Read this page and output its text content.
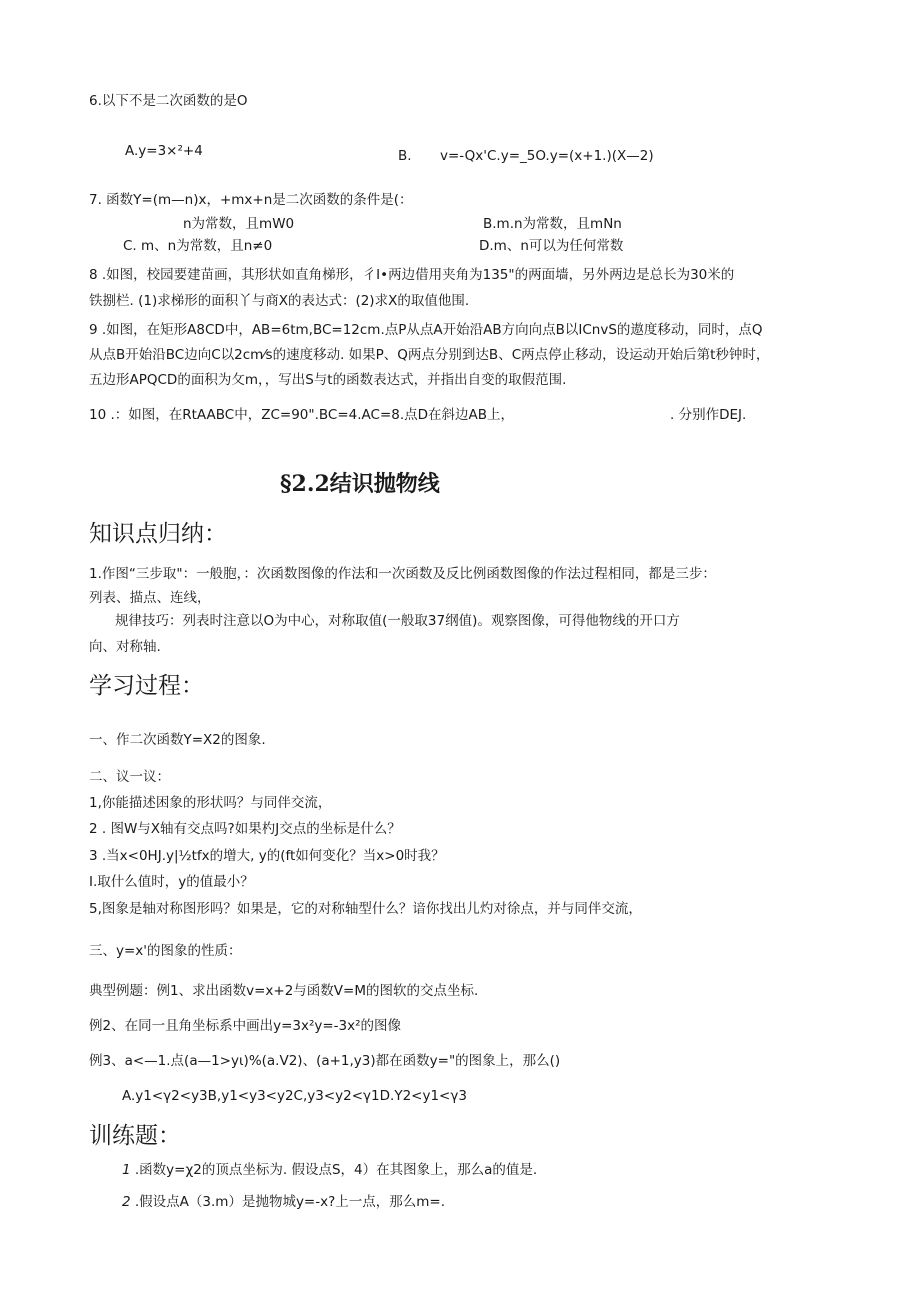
6.以下不是二次函数的是O
A.y=3×²+4	B. v=-Qx'C.y=_5O.y=(x+1.)(X—2)
7. 函数Y=(m—n)x，+mx+n是二次函数的条件是(：
n为常数，且mW0	B.m.n为常数，且mNn
C. m、n为常数，且n≠0	D.m、n可以为任何常数
8 .如图，校园要建苗画，其形状如直角梯形，彳I•两边借用夹角为135"的两面墙，另外两边是总长为30米的
铁捌栏. (1)求梯形的面积丫与商X的表达式：(2)求X的取值他围.
9 .如图，在矩形A8CD中，AB=6tm,BC=12cm.点P从点A开始沿AB方向向点B以ICnvS的遨度移动，同时，点Q
从点B开始沿BC边向C以2cm⁄s的速度移动. 如果P、Q两点分别到达B、C两点停止移动，设运动开始后第t秒钟时，
五边形APQCD的面积为攵m，，写出S与t的函数表达式，并指出自变的取假范围.
10 .：如图，在RtAABC中，ZC=90".BC=4.AC=8.点D在斜边AB上，	. 分别作DEJ.
§2.2结识抛物线
知识点归纳：
1.作图“三步取"：一般胞，：次函数图像的作法和一次函数及反比例函数图像的作法过程相同，都是三步：
列表、描点、连线，
规律技巧：列表时注意以O为中心，对称取值(一般取37纲值)。观察图像，可得他物线的开口方
向、对称轴.
学习过程：
一、作二次函数Y=X2的图象.
二、议一议：
1,你能描述困象的形状吗？与同伴交流，
2 . 图W与X轴有交点吗?如果杓J交点的坐标是什么？
3 .当x<0HJ.y|½tfx的增大, y的(ft如何变化？当x>0时我？
I.取什么值时，y的值最小？
5,图象是轴对称图形吗？如果是，它的对称轴型什么？谙你找出儿灼对徐点，并与同伴交流，
三、y=x'的图象的性质：
典型例题：例1、求出函数v=x+2与函数V=M的图软的交点坐标.
例2、在同一且角坐标系中画出y=3x²y=-3x²的图像
例3、a<—1.点(a—1>yι)%(a.V2)、(a+1,y3)都在函数y="的图象上，那么()
A.y1<γ2<y3B,y1<y3<y2C,y3<y2<γ1D.Y2<y1<γ3
训练题：
1 .函数y=χ2的顶点坐标为. 假设点S，4）在其图象上，那么a的值是.
2 .假设点A（3.m）是抛物城y=-x?上一点，那么m=.
